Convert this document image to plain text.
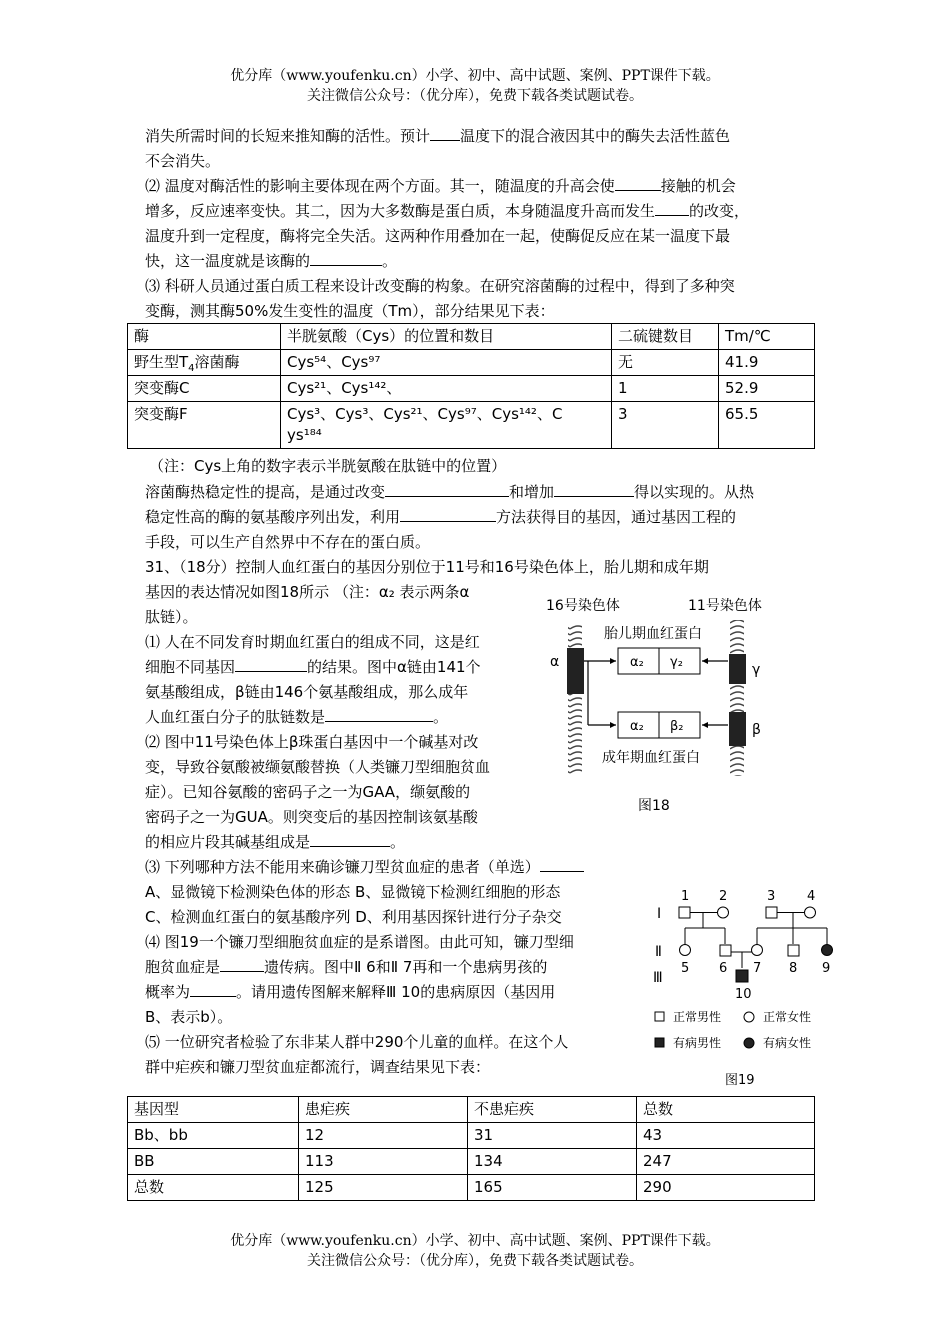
优分库（www.youfenku.cn）小学、初中、高中试题、案例、PPT课件下载。
关注微信公众号：（优分库），免费下载各类试题试卷。
消失所需时间的长短来推知酶的活性。预计 温度下的混合液因其中的酶失去活性蓝色
不会消失。
⑵ 温度对酶活性的影响主要体现在两个方面。其一，随温度的升高会使	接触的机会
增多，反应速率变快。其二，因为大多数酶是蛋白质，本身随温度升高而发生 的改变，
温度升到一定程度，酶将完全失活。这两种作用叠加在一起，使酶促反应在某一温度下最
快，这一温度就是该酶的	。
⑶ 科研人员通过蛋白质工程来设计改变酶的构象。在研究溶菌酶的过程中，得到了多种突
变酶，测其酶50%发生变性的温度（Tm），部分结果见下表：
酶	半胱氨酸（Cys）的位置和数目	二硫键数目	Tm/℃
野生型$T_4$溶菌酶	Cys⁵⁴、Cys⁹⁷	无	41.9
突变酶C	Cys²¹、Cys¹⁴²、	1	52.9
突变酶F	Cys³、Cys³、Cys²¹、Cys⁹⁷、Cys¹⁴²、C
ys¹⁸⁴	3	65.5
（注：Cys上角的数字表示半胱氨酸在肽链中的位置）
溶菌酶热稳定性的提高，是通过改变	和增加	得以实现的。从热
稳定性高的酶的氨基酸序列出发，利用	方法获得目的基因，通过基因工程的
手段，可以生产自然界中不存在的蛋白质。
31、（18分）控制人血红蛋白的基因分别位于11号和16号染色体上，胎儿期和成年期
基因的表达情况如图18所示 （注：α₂ 表示两条α
肽链）。
⑴ 人在不同发育时期血红蛋白的组成不同，这是红
细胞不同基因	的结果。图中α链由141个
氨基酸组成，β链由146个氨基酸组成，那么成年
人血红蛋白分子的肽链数是	。
⑵ 图中11号染色体上β珠蛋白基因中一个碱基对改
变，导致谷氨酸被缬氨酸替换（人类镰刀型细胞贫血
症）。已知谷氨酸的密码子之一为GAA，缬氨酸的
密码子之一为GUA。则突变后的基因控制该氨基酸
的相应片段其碱基组成是	。
⑶ 下列哪种方法不能用来确诊镰刀型贫血症的患者（单选）
A、显微镜下检测染色体的形态 B、显微镜下检测红细胞的形态
C、检测血红蛋白的氨基酸序列 D、利用基因探针进行分子杂交
⑷ 图19一个镰刀型细胞贫血症的是系谱图。由此可知，镰刀型细
胞贫血症是	遗传病。图中Ⅱ 6和Ⅱ 7再和一个患病男孩的
概率为	。请用遗传图解来解释Ⅲ 10的患病原因（基因用
B、表示b）。
⑸ 一位研究者检验了东非某人群中290个儿童的血样。在这个人
群中疟疾和镰刀型贫血症都流行，调查结果见下表：
基因型	患疟疾	不患疟疾	总数
Bb、bb	12	31	43
BB	113	134	247
总数	125	165	290
16号染色体	11号染色体
α	γ
β
胎儿期血红蛋白
α₂ γ₂
α₂ β₂
成年期血红蛋白
图18
Ⅰ
Ⅱ
Ⅲ
1 2	3 4
5 6 7 8 9
10
正常男性	正常女性
有病男性	有病女性
图19
优分库（www.youfenku.cn）小学、初中、高中试题、案例、PPT课件下载。
关注微信公众号：（优分库），免费下载各类试题试卷。
